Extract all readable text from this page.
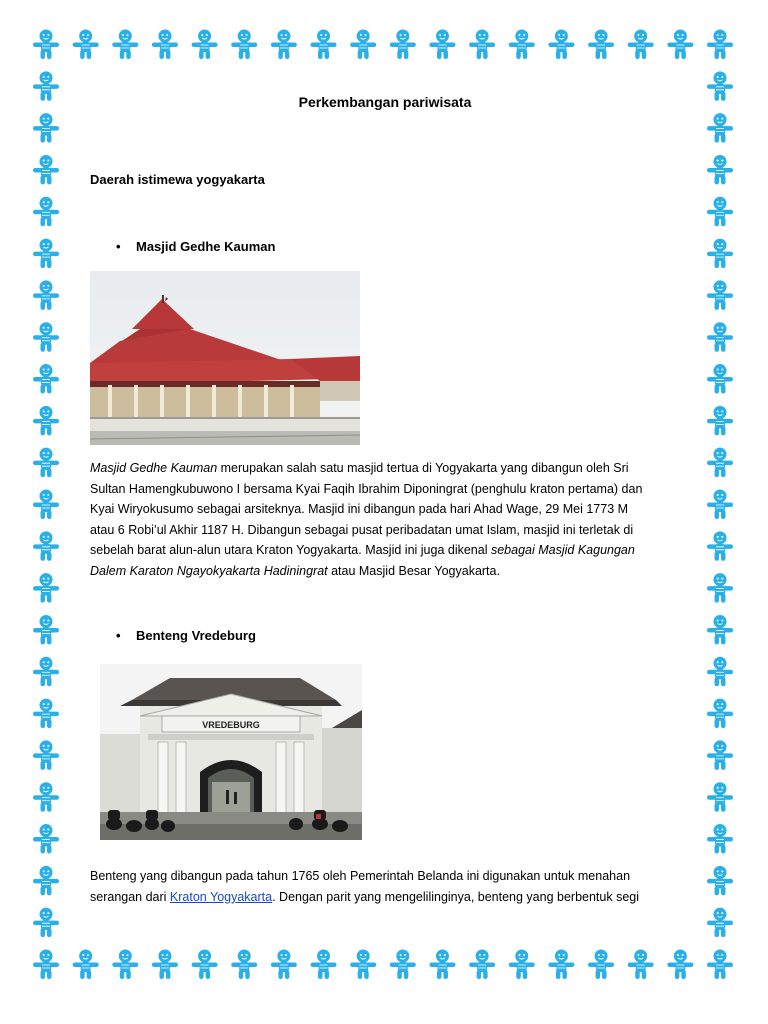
Perkembangan pariwisata
Daerah istimewa yogyakarta
• Masjid Gedhe Kauman
Masjid Gedhe Kauman merupakan salah satu masjid tertua di Yogyakarta yang dibangun oleh Sri Sultan Hamengkubuwono I bersama Kyai Faqih Ibrahim Diponingrat (penghulu kraton pertama) dan Kyai Wiryokusumo sebagai arsiteknya. Masjid ini dibangun pada hari Ahad Wage, 29 Mei 1773 M atau 6 Robi’ul Akhir 1187 H. Dibangun sebagai pusat peribadatan umat Islam, masjid ini terletak di sebelah barat alun-alun utara Kraton Yogyakarta. Masjid ini juga dikenal sebagai Masjid Kagungan Dalem Karaton Ngayokyakarta Hadiningrat atau Masjid Besar Yogyakarta.
• Benteng Vredeburg
VREDEBURG
Benteng yang dibangun pada tahun 1765 oleh Pemerintah Belanda ini digunakan untuk menahan serangan dari Kraton Yogyakarta. Dengan parit yang mengelilinginya, benteng yang berbentuk segi
